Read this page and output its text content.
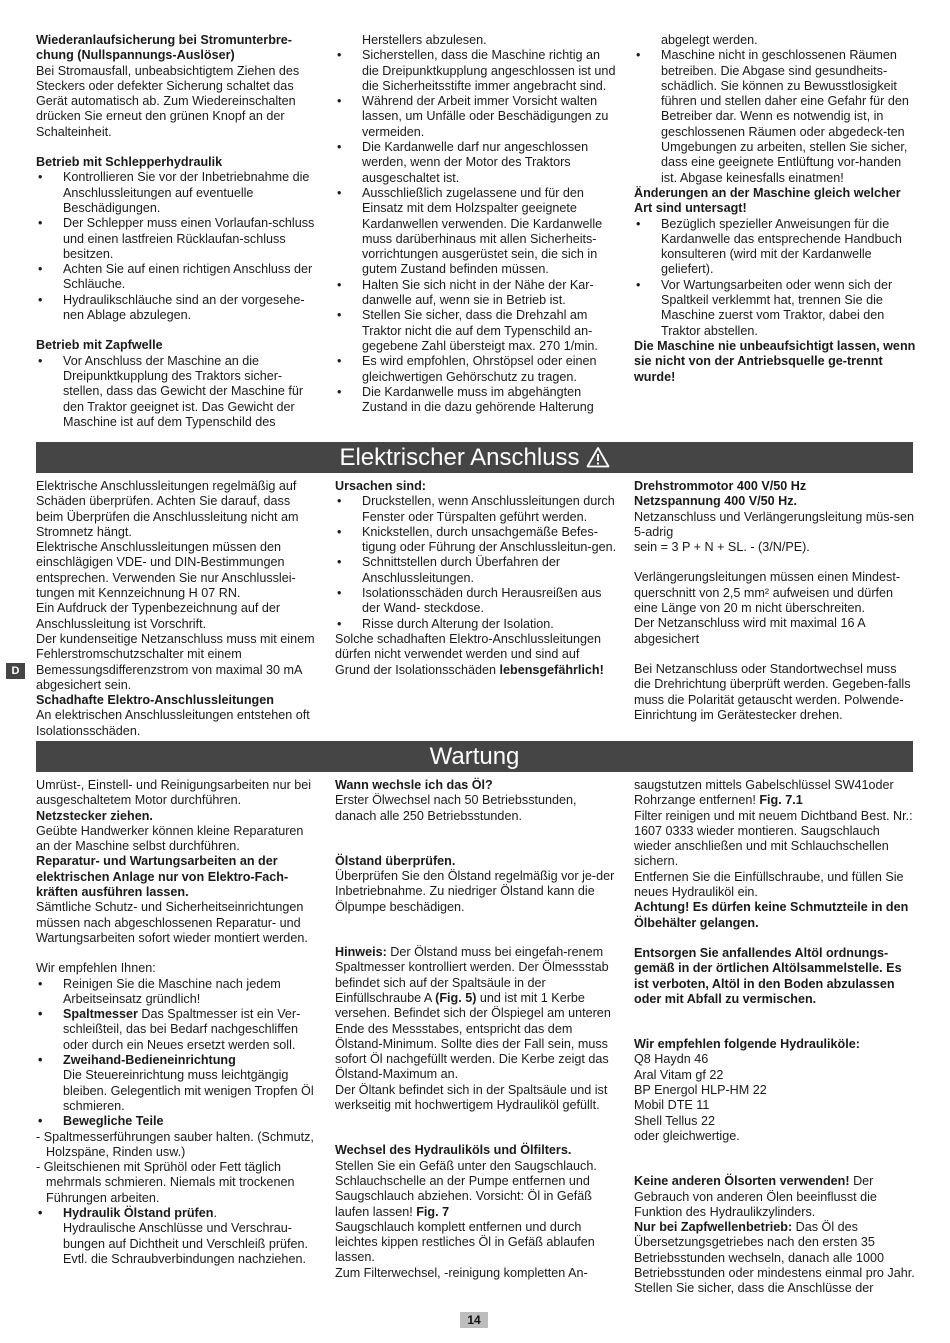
Wiederanlaufsicherung bei Stromunterbre-chung (Nullspannungs-Auslöser)

Bei Stromausfall, unbeabsichtigtem Ziehen des Steckers oder defekter Sicherung schaltet das Gerät automatisch ab. Zum Wiedereinschalten drücken Sie erneut den grünen Knopf an der Schalteinheit.

Betrieb mit Schlepperhydraulik

• Kontrollieren Sie vor der Inbetriebnahme die Anschlussleitungen auf eventuelle Beschädigungen.

• Der Schlepper muss einen Vorlaufan-schluss und einen lastfreien Rücklaufan-schluss besitzen.

• Achten Sie auf einen richtigen Anschluss der Schläuche.

• Hydraulikschläuche sind an der vorgesehe-nen Ablage abzulegen.

Betrieb mit Zapfwelle

• Vor Anschluss der Maschine an die Dreipunktkupplung des Traktors sicher-stellen, dass das Gewicht der Maschine für den Traktor geeignet ist. Das Gewicht der Maschine ist auf dem Typenschild des

Herstellers abzulesen.

• Sicherstellen, dass die Maschine richtig an die Dreipunktkupplung angeschlossen ist und die Sicherheitsstifte immer angebracht sind.

• Während der Arbeit immer Vorsicht walten lassen, um Unfälle oder Beschädigungen zu vermeiden.

• Die Kardanwelle darf nur angeschlossen werden, wenn der Motor des Traktors ausgeschaltet ist.

• Ausschließlich zugelassene und für den Einsatz mit dem Holzspalter geeignete Kardanwellen verwenden. Die Kardanwelle muss darüberhinaus mit allen Sicherheits-vorrichtungen ausgerüstet sein, die sich in gutem Zustand befinden müssen.

• Halten Sie sich nicht in der Nähe der Kar-danwelle auf, wenn sie in Betrieb ist.

• Stellen Sie sicher, dass die Drehzahl am Traktor nicht die auf dem Typenschild an-gegebene Zahl übersteigt max. 270 1/min.

• Es wird empfohlen, Ohrstöpsel oder einen gleichwertigen Gehörschutz zu tragen.

• Die Kardanwelle muss im abgehängten Zustand in die dazu gehörende Halterung

abgelegt werden.

• Maschine nicht in geschlossenen Räumen betreiben. Die Abgase sind gesundheits-schädlich. Sie können zu Bewusstlosigkeit führen und stellen daher eine Gefahr für den Betreiber dar. Wenn es notwendig ist, in geschlossenen Räumen oder abgedeck-ten Umgebungen zu arbeiten, stellen Sie sicher, dass eine geeignete Entlüftung vor-handen ist. Abgase keinesfalls einatmen!

Änderungen an der Maschine gleich welcher Art sind untersagt!

• Bezüglich spezieller Anweisungen für die Kardanwelle das entsprechende Handbuch konsulteren (wird mit der Kardanwelle geliefert).

• Vor Wartungsarbeiten oder wenn sich der Spaltkeil verklemmt hat, trennen Sie die Maschine zuerst vom Traktor, dabei den Traktor abstellen.

Die Maschine nie unbeaufsichtigt lassen, wenn sie nicht von der Antriebsquelle ge-trennt wurde!

Elektrischer Anschluss
D

Elektrische Anschlussleitungen regelmäßig auf Schäden überprüfen. Achten Sie darauf, dass beim Überprüfen die Anschlussleitung nicht am Stromnetz hängt.

Elektrische Anschlussleitungen müssen den einschlägigen VDE- und DIN-Bestimmungen entsprechen. Verwenden Sie nur Anschlusslei-tungen mit Kennzeichnung H 07 RN.

Ein Aufdruck der Typenbezeichnung auf der Anschlussleitung ist Vorschrift.

Der kundenseitige Netzanschluss muss mit einem Fehlerstromschutzschalter mit einem Bemessungsdifferenzstrom von maximal 30 mA abgesichert sein.

Schadhafte Elektro-Anschlussleitungen

An elektrischen Anschlussleitungen entstehen oft Isolationsschäden.

Ursachen sind:

• Druckstellen, wenn Anschlussleitungen durch Fenster oder Türspalten geführt werden.

• Knickstellen, durch unsachgemäße Befes-tigung oder Führung der Anschlussleitun-gen.

• Schnittstellen durch Überfahren der Anschlussleitungen.

• Isolationsschäden durch Herausreißen aus der Wand- steckdose.

• Risse durch Alterung der Isolation.

Solche schadhaften Elektro-Anschlussleitungen dürfen nicht verwendet werden und sind auf Grund der Isolationsschäden lebensgefährlich!

Drehstrommotor 400 V/50 Hz

Netzspannung 400 V/50 Hz.

Netzanschluss und Verlängerungsleitung müs-sen 5-adrig

sein = 3 P + N + SL. - (3/N/PE).

Verlängerungsleitungen müssen einen Mindest-querschnitt von 2,5 mm² aufweisen und dürfen eine Länge von 20 m nicht überschreiten.

Der Netzanschluss wird mit maximal 16 A abgesichert

Bei Netzanschluss oder Standortwechsel muss die Drehrichtung überprüft werden. Gegeben-falls muss die Polarität getauscht werden. Polwende-Einrichtung im Gerätestecker drehen.

Wartung

Umrüst-, Einstell- und Reinigungsarbeiten nur bei ausgeschaltetem Motor durchführen.

Netzstecker ziehen.

Geübte Handwerker können kleine Reparaturen an der Maschine selbst durchführen.

Reparatur- und Wartungsarbeiten an der elektrischen Anlage nur von Elektro-Fach-kräften ausführen lassen.

Sämtliche Schutz- und Sicherheitseinrichtungen müssen nach abgeschlossenen Reparatur- und Wartungsarbeiten sofort wieder montiert werden.

Wir empfehlen Ihnen:

• Reinigen Sie die Maschine nach jedem Arbeitseinsatz gründlich!

• Spaltmesser Das Spaltmesser ist ein Ver-schleißteil, das bei Bedarf nachgeschliffen oder durch ein Neues ersetzt werden soll.

• Zweihand-Bedieneinrichtung

Die Steuereinrichtung muss leichtgängig bleiben. Gelegentlich mit wenigen Tropfen Öl schmieren.

• Bewegliche Teile

- Spaltmesserführungen sauber halten. (Schmutz, Holzspäne, Rinden usw.)

- Gleitschienen mit Sprühöl oder Fett täglich mehrmals schmieren. Niemals mit trockenen Führungen arbeiten.

• Hydraulik Ölstand prüfen.

Hydraulische Anschlüsse und Verschrau-bungen auf Dichtheit und Verschleiß prüfen. Evtl. die Schraubverbindungen nachziehen.

Wann wechsle ich das Öl?

Erster Ölwechsel nach 50 Betriebsstunden, danach alle 250 Betriebsstunden.

Ölstand überprüfen.

Überprüfen Sie den Ölstand regelmäßig vor je-der Inbetriebnahme. Zu niedriger Ölstand kann die Ölpumpe beschädigen.

Hinweis: Der Ölstand muss bei eingefah-renem Spaltmesser kontrolliert werden. Der Ölmessstab befindet sich auf der Spaltsäule in der Einfüllschraube A (Fig. 5) und ist mit 1 Kerbe versehen. Befindet sich der Ölspiegel am unteren Ende des Messstabes, entspricht das dem Ölstand-Minimum. Sollte dies der Fall sein, muss sofort Öl nachgefüllt werden. Die Kerbe zeigt das Ölstand-Maximum an.

Der Öltank befindet sich in der Spaltsäule und ist werkseitig mit hochwertigem Hydrauliköl gefüllt.

Wechsel des Hydrauliköls und Ölfilters.

Stellen Sie ein Gefäß unter den Saugschlauch. Schlauchschelle an der Pumpe entfernen und Saugschlauch abziehen. Vorsicht: Öl in Gefäß laufen lassen! Fig. 7

Saugschlauch komplett entfernen und durch leichtes kippen restliches Öl in Gefäß ablaufen lassen.

Zum Filterwechsel, -reinigung kompletten An-

saugstutzen mittels Gabelschlüssel SW41oder Rohrzange entfernen! Fig. 7.1

Filter reinigen und mit neuem Dichtband Best. Nr.: 1607 0333 wieder montieren. Saugschlauch wieder anschließen und mit Schlauchschellen sichern.

Entfernen Sie die Einfüllschraube, und füllen Sie neues Hydrauliköl ein.

Achtung! Es dürfen keine Schmutzteile in den Ölbehälter gelangen.

Entsorgen Sie anfallendes Altöl ordnungs-gemäß in der örtlichen Altölsammelstelle. Es ist verboten, Altöl in den Boden abzulassen oder mit Abfall zu vermischen.

Wir empfehlen folgende Hydrauliköle:

Q8 Haydn 46

Aral Vitam gf 22

BP Energol HLP-HM 22

Mobil DTE 11

Shell Tellus 22

oder gleichwertige.

Keine anderen Ölsorten verwenden! Der Gebrauch von anderen Ölen beeinflusst die Funktion des Hydraulikzylinders.

Nur bei Zapfwellenbetrieb: Das Öl des Übersetzungsgetriebes nach den ersten 35 Betriebsstunden wechseln, danach alle 1000 Betriebsstunden oder mindestens einmal pro Jahr. Stellen Sie sicher, dass die Anschlüsse der

14
